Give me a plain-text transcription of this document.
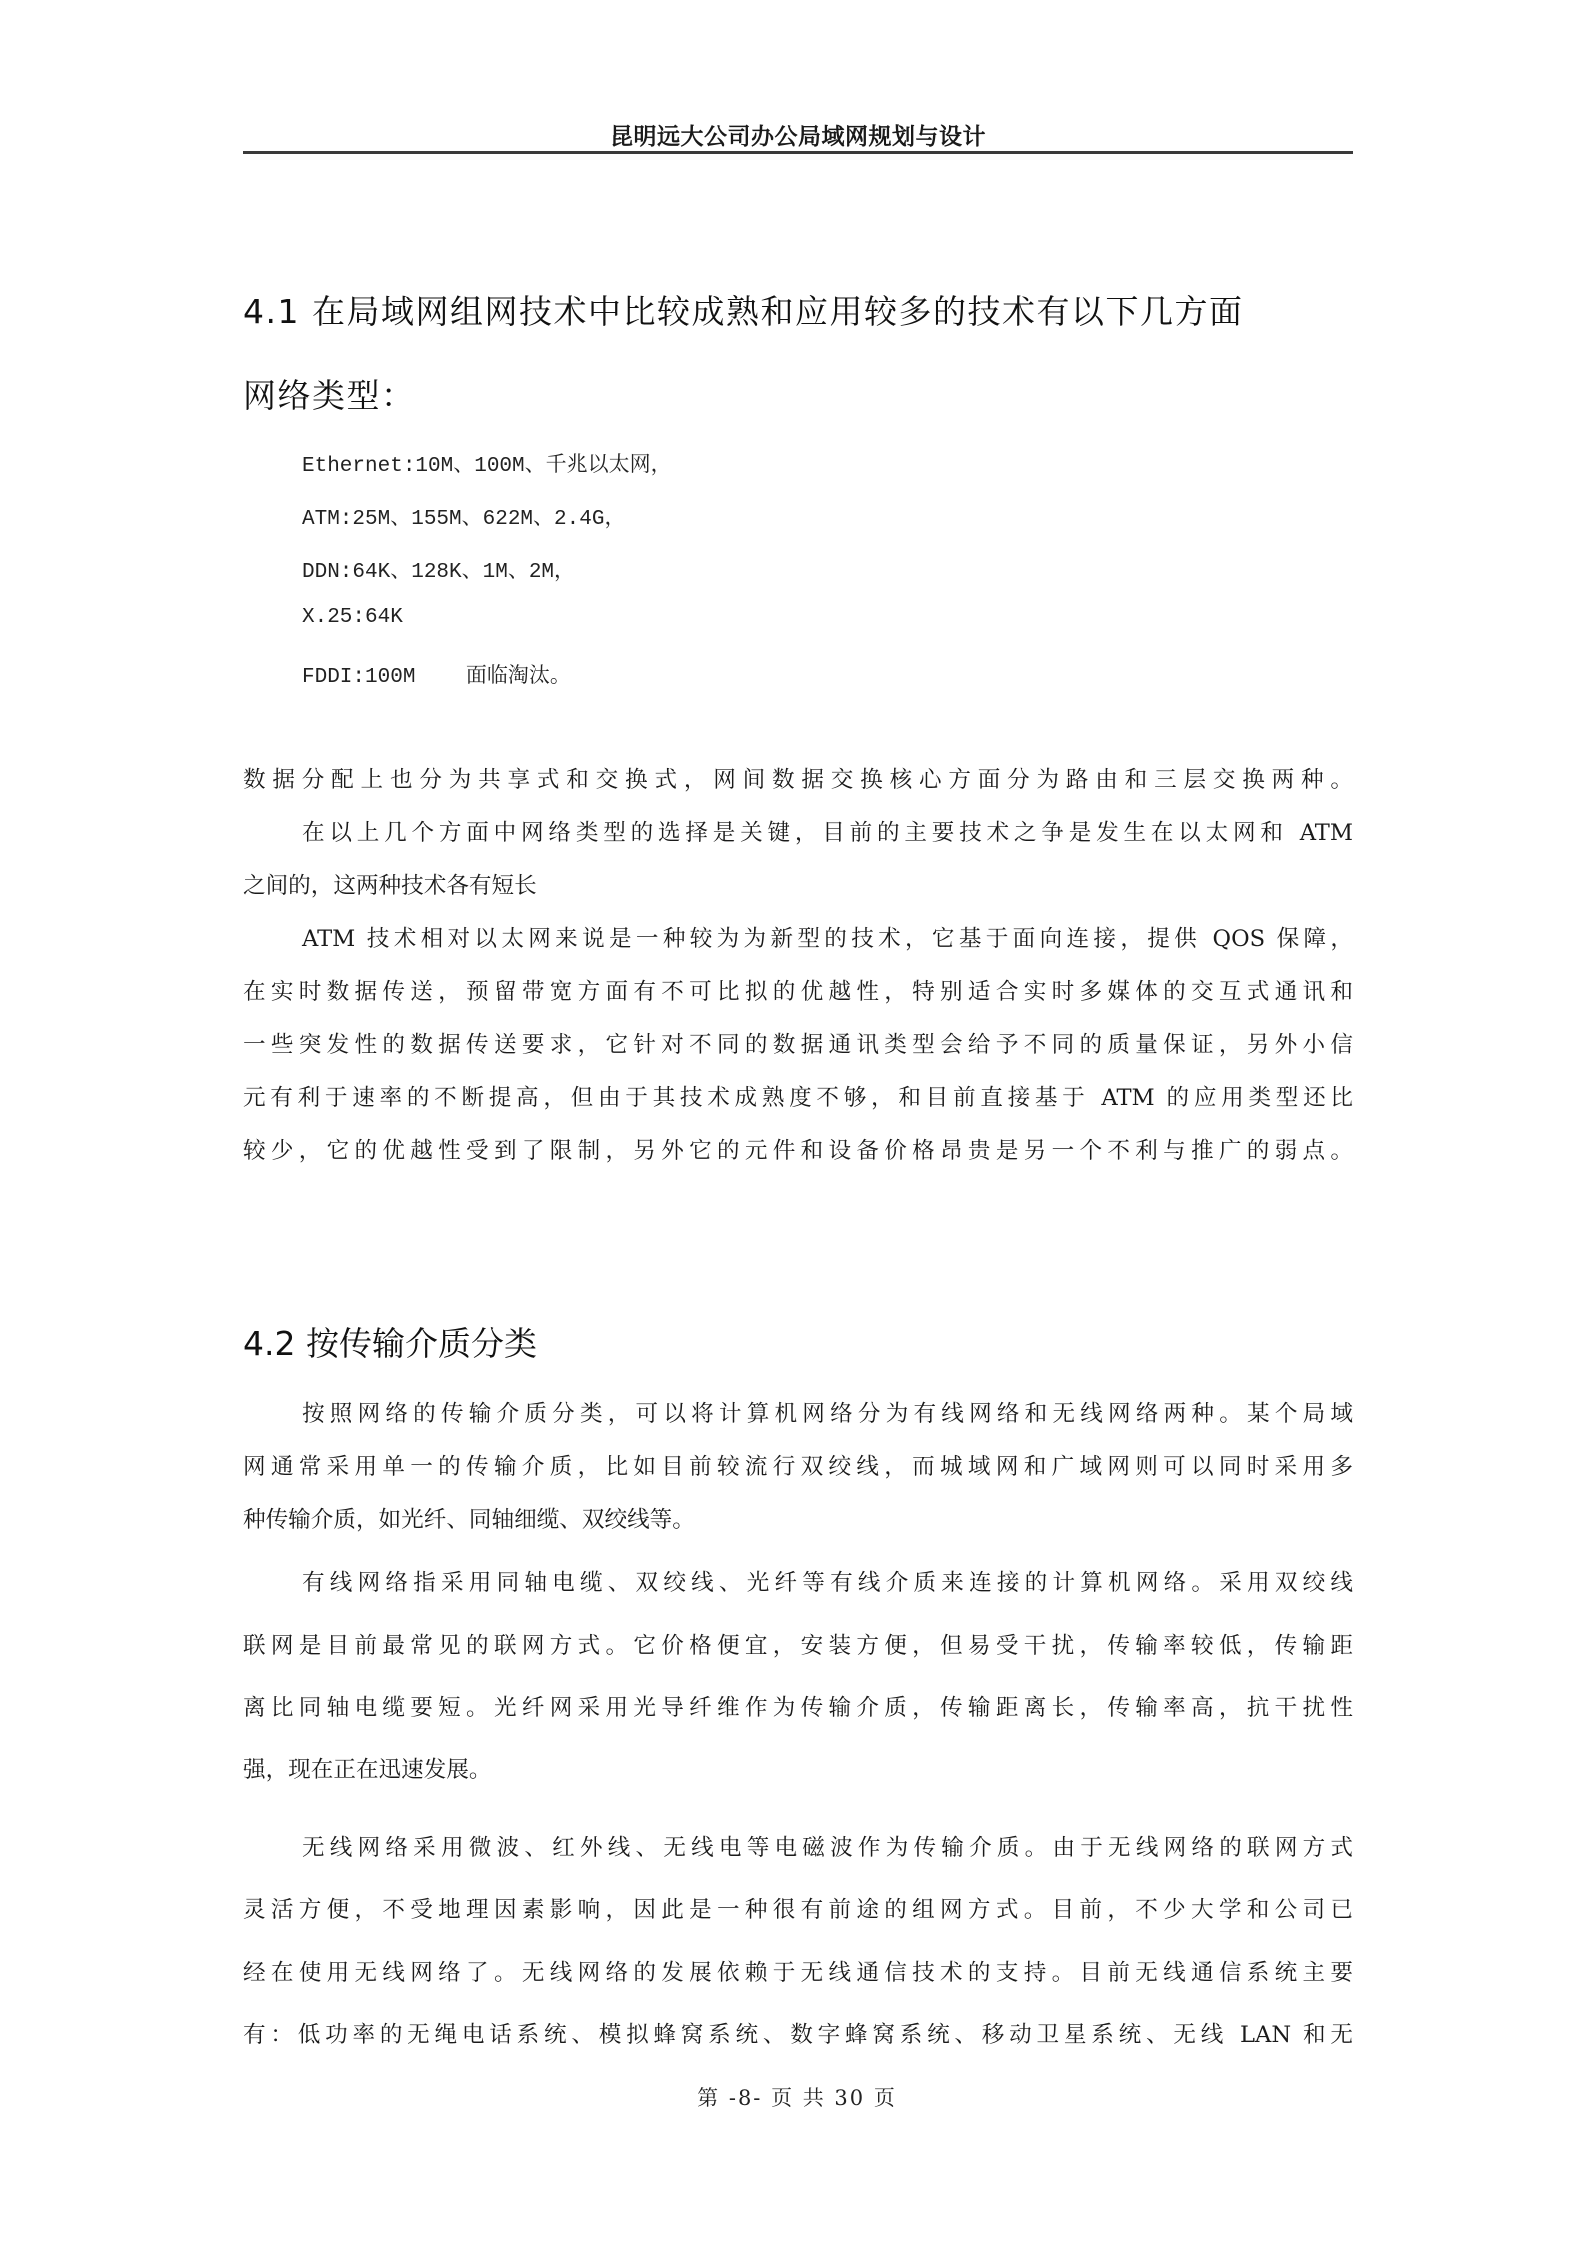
昆明远大公司办公局域网规划与设计
4.1 在局域网组网技术中比较成熟和应用较多的技术有以下几方面
网络类型：
Ethernet:10M、100M、千兆以太网，
ATM:25M、155M、622M、2.4G，
DDN:64K、128K、1M、2M，
X.25:64K
FDDI:100M    面临淘汰。
数据分配上也分为共享式和交换式，网间数据交换核心方面分为路由和三层交换两种。
在以上几个方面中网络类型的选择是关键，目前的主要技术之争是发生在以太网和 ATM
之间的，这两种技术各有短长
ATM 技术相对以太网来说是一种较为为新型的技术，它基于面向连接，提供 QOS 保障，
在实时数据传送，预留带宽方面有不可比拟的优越性，特别适合实时多媒体的交互式通讯和
一些突发性的数据传送要求，它针对不同的数据通讯类型会给予不同的质量保证，另外小信
元有利于速率的不断提高，但由于其技术成熟度不够，和目前直接基于 ATM 的应用类型还比
较少，它的优越性受到了限制，另外它的元件和设备价格昂贵是另一个不利与推广的弱点。
4.2 按传输介质分类
按照网络的传输介质分类，可以将计算机网络分为有线网络和无线网络两种。某个局域
网通常采用单一的传输介质，比如目前较流行双绞线，而城域网和广域网则可以同时采用多
种传输介质，如光纤、同轴细缆、双绞线等。
有线网络指采用同轴电缆、双绞线、光纤等有线介质来连接的计算机网络。采用双绞线
联网是目前最常见的联网方式。它价格便宜，安装方便，但易受干扰，传输率较低，传输距
离比同轴电缆要短。光纤网采用光导纤维作为传输介质，传输距离长，传输率高，抗干扰性
强，现在正在迅速发展。
无线网络采用微波、红外线、无线电等电磁波作为传输介质。由于无线网络的联网方式
灵活方便，不受地理因素影响，因此是一种很有前途的组网方式。目前，不少大学和公司已
经在使用无线网络了。无线网络的发展依赖于无线通信技术的支持。目前无线通信系统主要
有：低功率的无绳电话系统、模拟蜂窝系统、数字蜂窝系统、移动卫星系统、无线 LAN 和无
第 -8- 页 共 30 页
